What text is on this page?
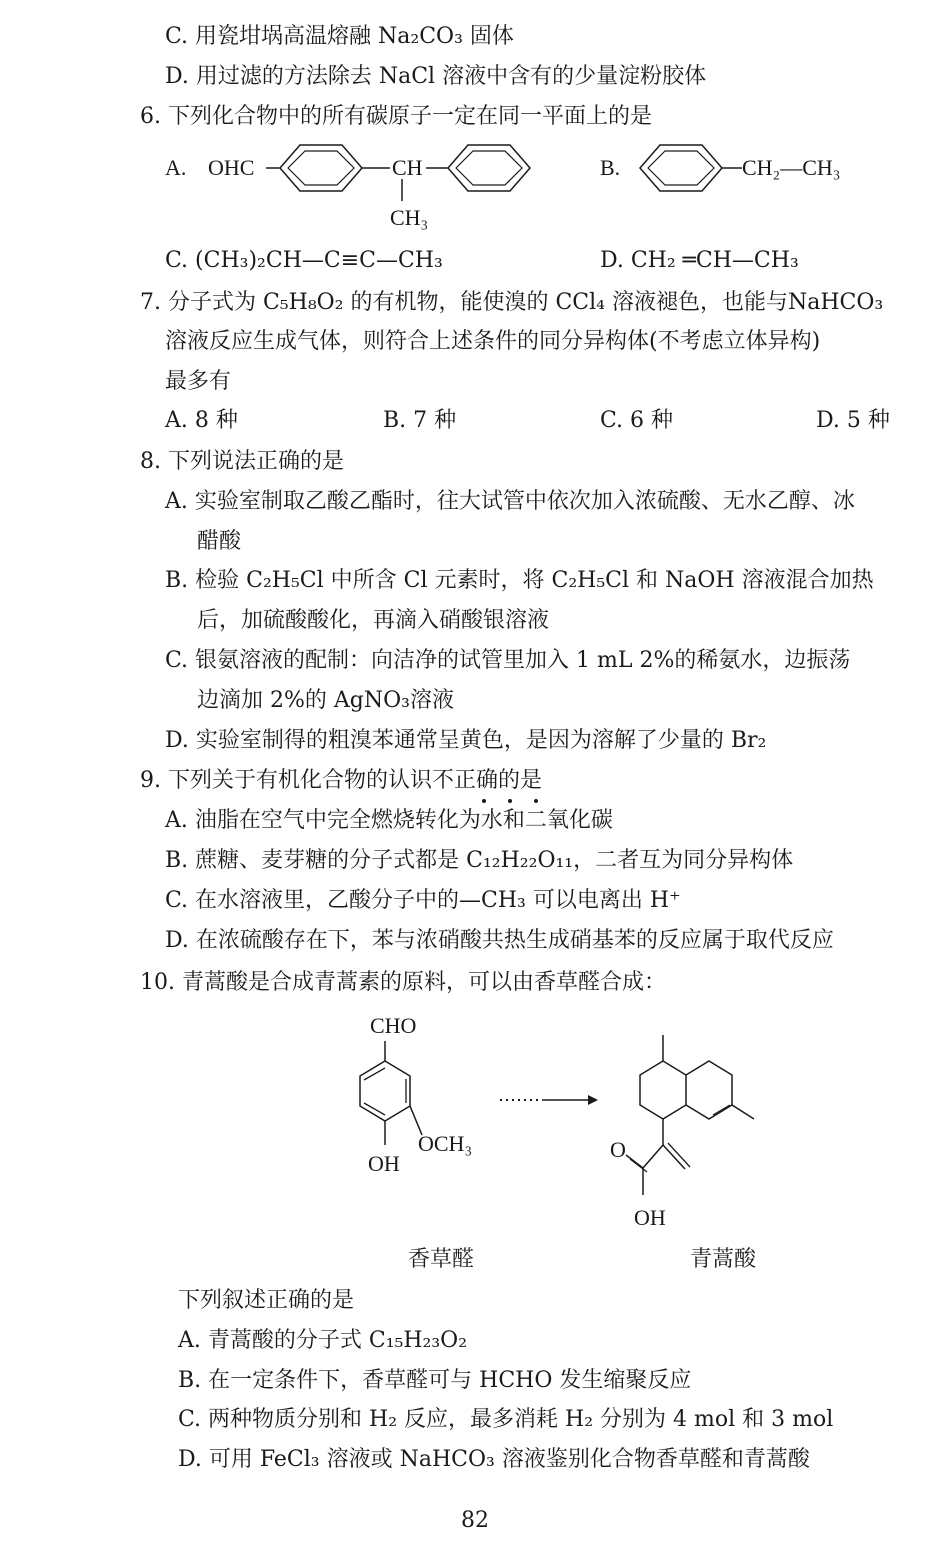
C. 用瓷坩埚高温熔融 Na₂CO₃ 固体
D. 用过滤的方法除去 NaCl 溶液中含有的少量淀粉胶体
6. 下列化合物中的所有碳原子一定在同一平面上的是
A. OHC	CH
CH₃
B.	CH₂—CH₃
C. (CH₃)₂CH—C≡C—CH₃	D. CH₂ ═CH—CH₃
7. 分子式为 C₅H₈O₂ 的有机物，能使溴的 CCl₄ 溶液褪色，也能与NaHCO₃
溶液反应生成气体，则符合上述条件的同分异构体(不考虑立体异构)
最多有
A. 8 种	B. 7 种	C. 6 种	D. 5 种
8. 下列说法正确的是
A. 实验室制取乙酸乙酯时，往大试管中依次加入浓硫酸、无水乙醇、冰
醋酸
B. 检验 C₂H₅Cl 中所含 Cl 元素时，将 C₂H₅Cl 和 NaOH 溶液混合加热
后，加硫酸酸化，再滴入硝酸银溶液
C. 银氨溶液的配制：向洁净的试管里加入 1 mL 2%的稀氨水，边振荡
边滴加 2%的 AgNO₃溶液
D. 实验室制得的粗溴苯通常呈黄色，是因为溶解了少量的 Br₂
9. 下列关于有机化合物的认识不正确的是
A. 油脂在空气中完全燃烧转化为水和二氧化碳
B. 蔗糖、麦芽糖的分子式都是 C₁₂H₂₂O₁₁，二者互为同分异构体
C. 在水溶液里，乙酸分子中的—CH₃ 可以电离出 H⁺
D. 在浓硫酸存在下，苯与浓硝酸共热生成硝基苯的反应属于取代反应
10. 青蒿酸是合成青蒿素的原料，可以由香草醛合成：
CHO
OCH₃
OH
O
OH
香草醛	青蒿酸
下列叙述正确的是
A. 青蒿酸的分子式 C₁₅H₂₃O₂
B. 在一定条件下，香草醛可与 HCHO 发生缩聚反应
C. 两种物质分别和 H₂ 反应，最多消耗 H₂ 分别为 4 mol 和 3 mol
D. 可用 FeCl₃ 溶液或 NaHCO₃ 溶液鉴别化合物香草醛和青蒿酸
82
